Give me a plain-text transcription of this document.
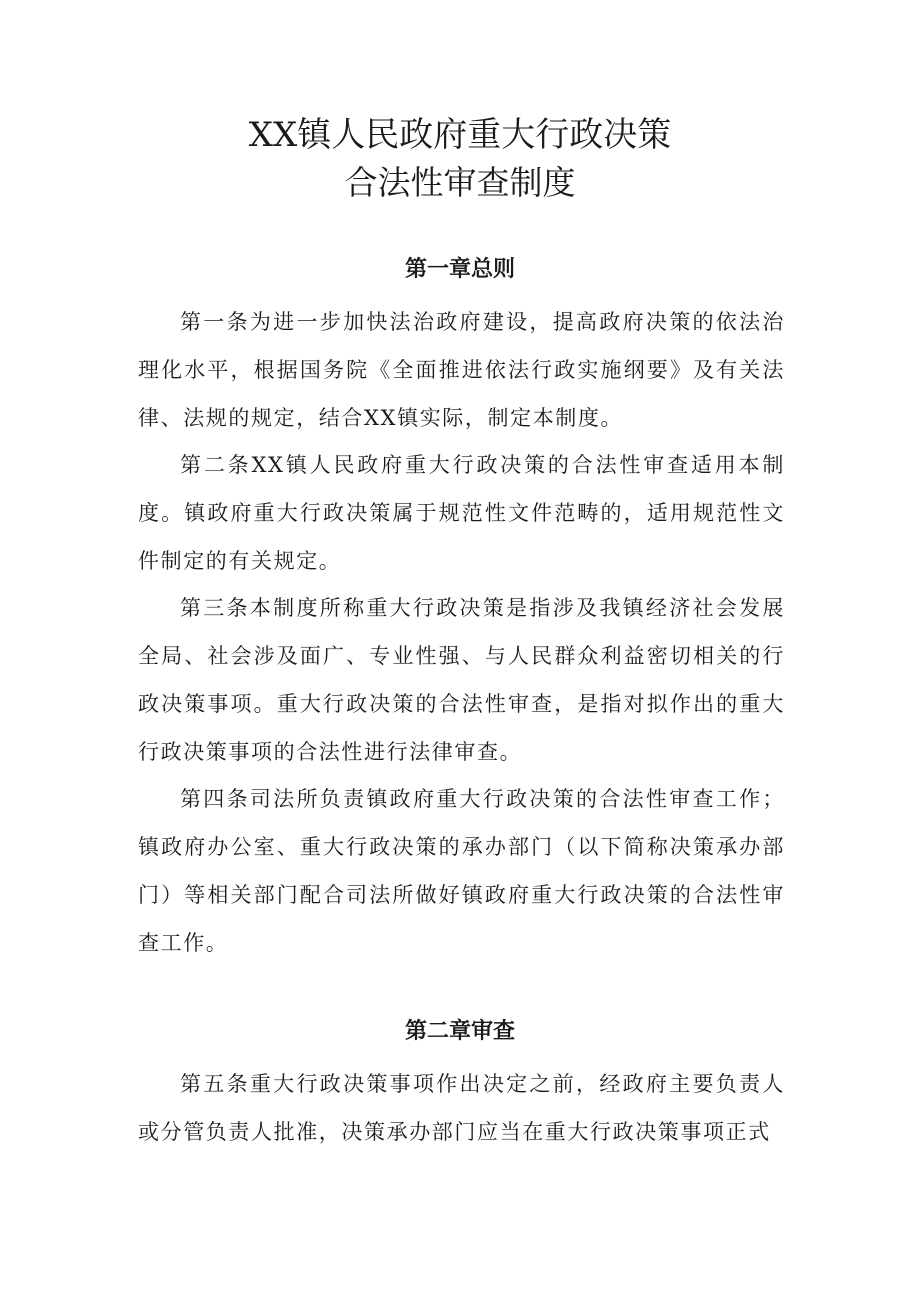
XX镇人民政府重大行政决策
合法性审查制度
第一章总则

第一条为进一步加快法治政府建设，提高政府决策的依法治理化水平，根据国务院《全面推进依法行政实施纲要》及有关法律、法规的规定，结合XX镇实际，制定本制度。

第二条XX镇人民政府重大行政决策的合法性审查适用本制度。镇政府重大行政决策属于规范性文件范畴的，适用规范性文件制定的有关规定。

第三条本制度所称重大行政决策是指涉及我镇经济社会发展全局、社会涉及面广、专业性强、与人民群众利益密切相关的行政决策事项。重大行政决策的合法性审查，是指对拟作出的重大行政决策事项的合法性进行法律审查。

第四条司法所负责镇政府重大行政决策的合法性审查工作；镇政府办公室、重大行政决策的承办部门（以下简称决策承办部门）等相关部门配合司法所做好镇政府重大行政决策的合法性审查工作。

第二章审查

第五条重大行政决策事项作出决定之前，经政府主要负责人或分管负责人批准，决策承办部门应当在重大行政决策事项正式
